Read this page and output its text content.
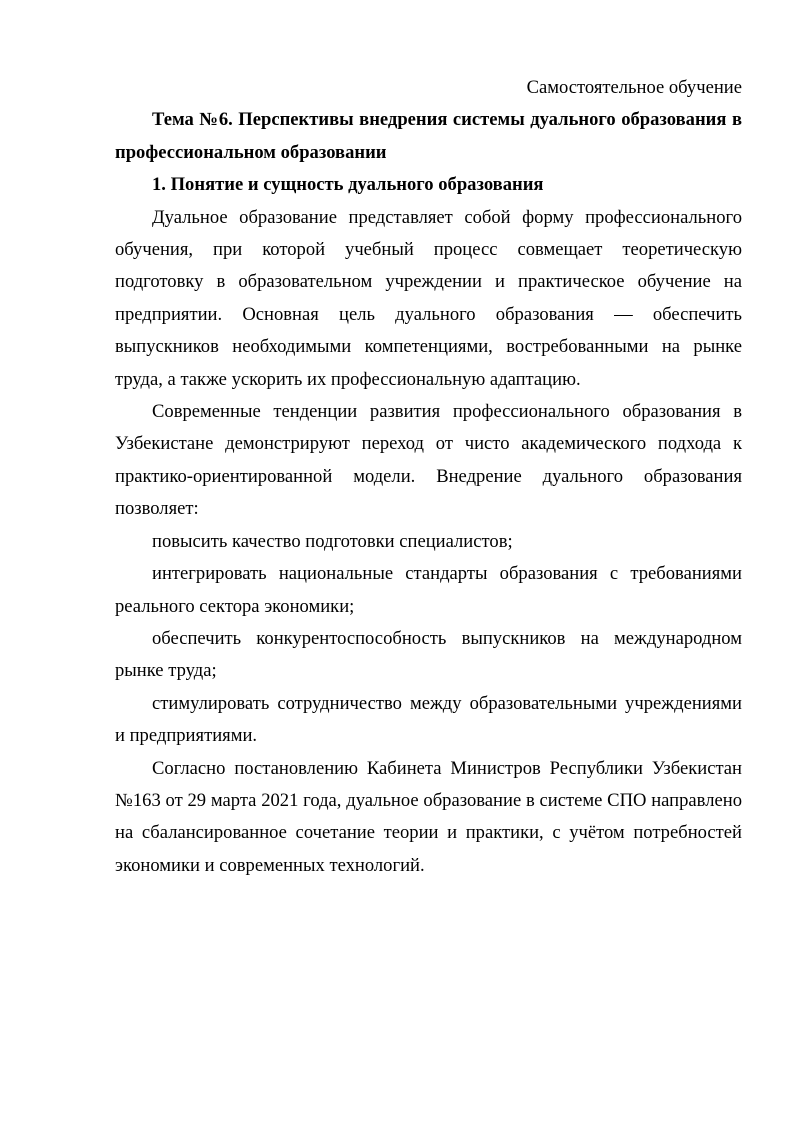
Самостоятельное обучение

Тема №6. Перспективы внедрения системы дуального образования в профессиональном образовании

1. Понятие и сущность дуального образования

Дуальное образование представляет собой форму профессионального обучения, при которой учебный процесс совмещает теоретическую подготовку в образовательном учреждении и практическое обучение на предприятии. Основная цель дуального образования — обеспечить выпускников необходимыми компетенциями, востребованными на рынке труда, а также ускорить их профессиональную адаптацию.

Современные тенденции развития профессионального образования в Узбекистане демонстрируют переход от чисто академического подхода к практико-ориентированной модели. Внедрение дуального образования позволяет:

повысить качество подготовки специалистов;

интегрировать национальные стандарты образования с требованиями реального сектора экономики;

обеспечить конкурентоспособность выпускников на международном рынке труда;

стимулировать сотрудничество между образовательными учреждениями и предприятиями.

Согласно постановлению Кабинета Министров Республики Узбекистан №163 от 29 марта 2021 года, дуальное образование в системе СПО направлено на сбалансированное сочетание теории и практики, с учётом потребностей экономики и современных технологий.
